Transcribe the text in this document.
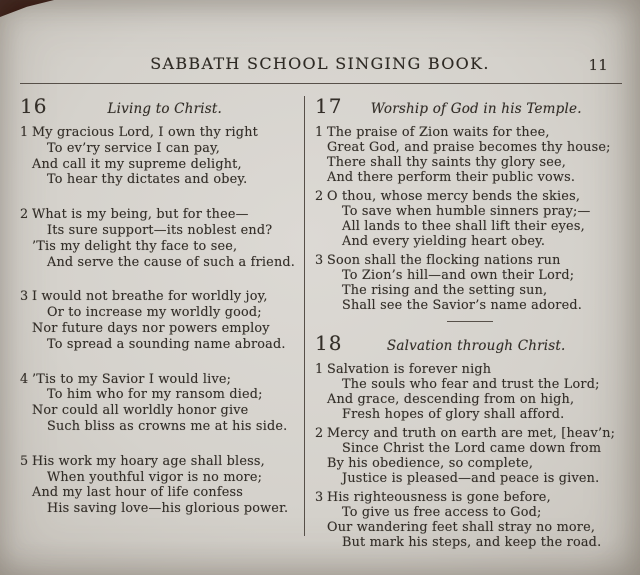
SABBATH SCHOOL SINGING BOOK.	11
16	Living to Christ.
1 My gracious Lord, I own thy right
To ev’ry service I can pay,
And call it my supreme delight,
To hear thy dictates and obey.
2 What is my being, but for thee—
Its sure support—its noblest end?
’Tis my delight thy face to see,
And serve the cause of such a friend.
3 I would not breathe for worldly joy,
Or to increase my worldly good;
Nor future days nor powers employ
To spread a sounding name abroad.
4 ’Tis to my Savior I would live;
To him who for my ransom died;
Nor could all worldly honor give
Such bliss as crowns me at his side.
5 His work my hoary age shall bless,
When youthful vigor is no more;
And my last hour of life confess
His saving love—his glorious power.
17	Worship of God in his Temple.
1 The praise of Zion waits for thee,
Great God, and praise becomes thy house;
There shall thy saints thy glory see,
And there perform their public vows.
2 O thou, whose mercy bends the skies,
To save when humble sinners pray;—
All lands to thee shall lift their eyes,
And every yielding heart obey.
3 Soon shall the flocking nations run
To Zion’s hill—and own their Lord;
The rising and the setting sun,
Shall see the Savior’s name adored.
18	Salvation through Christ.
1 Salvation is forever nigh
The souls who fear and trust the Lord;
And grace, descending from on high,
Fresh hopes of glory shall afford.
2 Mercy and truth on earth are met, [heav’n;
Since Christ the Lord came down from
By his obedience, so complete,
Justice is pleased—and peace is given.
3 His righteousness is gone before,
To give us free access to God;
Our wandering feet shall stray no more,
But mark his steps, and keep the road.
